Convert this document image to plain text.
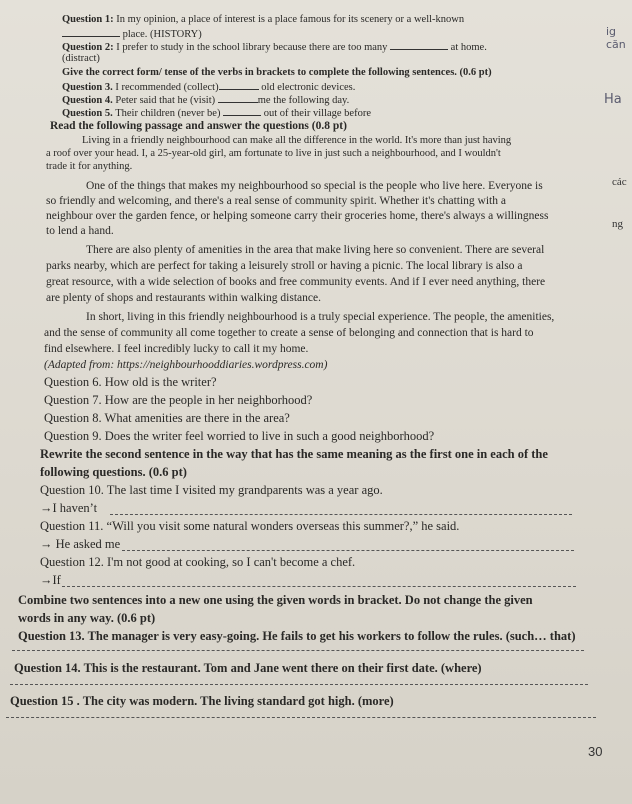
Question 1: In my opinion, a place of interest is a place famous for its scenery or a well-known
place. (HISTORY)
Question 2: I prefer to study in the school library because there are too many	at home.
(distract)
Give the correct form/ tense of the verbs in brackets to complete the following sentences. (0.6 pt)
Question 3. I recommended (collect)	old electronic devices.
Question 4. Peter said that he (visit)	me the following day.
Question 5. Their children (never be)	out of their village before
Read the following passage and answer the questions (0.8 pt)
Living in a friendly neighbourhood can make all the difference in the world. It's more than just having
a roof over your head. I, a 25-year-old girl, am fortunate to live in just such a neighbourhood, and I wouldn't
trade it for anything.
One of the things that makes my neighbourhood so special is the people who live here. Everyone is
so friendly and welcoming, and there's a real sense of community spirit. Whether it's chatting with a
neighbour over the garden fence, or helping someone carry their groceries home, there's always a willingness
to lend a hand.
There are also plenty of amenities in the area that make living here so convenient. There are several
parks nearby, which are perfect for taking a leisurely stroll or having a picnic. The local library is also a
great resource, with a wide selection of books and free community events. And if I ever need anything, there
are plenty of shops and restaurants within walking distance.
In short, living in this friendly neighbourhood is a truly special experience. The people, the amenities,
and the sense of community all come together to create a sense of belonging and connection that is hard to
find elsewhere. I feel incredibly lucky to call it my home.
(Adapted from: https://neighbourhooddiaries.wordpress.com)
Question 6. How old is the writer?
Question 7. How are the people in her neighborhood?
Question 8. What amenities are there in the area?
Question 9. Does the writer feel worried to live in such a good neighborhood?
Rewrite the second sentence in the way that has the same meaning as the first one in each of the
following questions. (0.6 pt)
Question 10. The last time I visited my grandparents was a year ago.
→I haven’t
Question 11. “Will you visit some natural wonders overseas this summer?,” he said.
→ He asked me
Question 12. I'm not good at cooking, so I can't become a chef.
→If
Combine two sentences into a new one using the given words in bracket. Do not change the given
words in any way. (0.6 pt)
Question 13. The manager is very easy-going. He fails to get his workers to follow the rules. (such… that)
Question 14. This is the restaurant. Tom and Jane went there on their first date. (where)
Question 15 . The city was modern. The living standard got high. (more)
ig căn
Ha
các
ng
30
